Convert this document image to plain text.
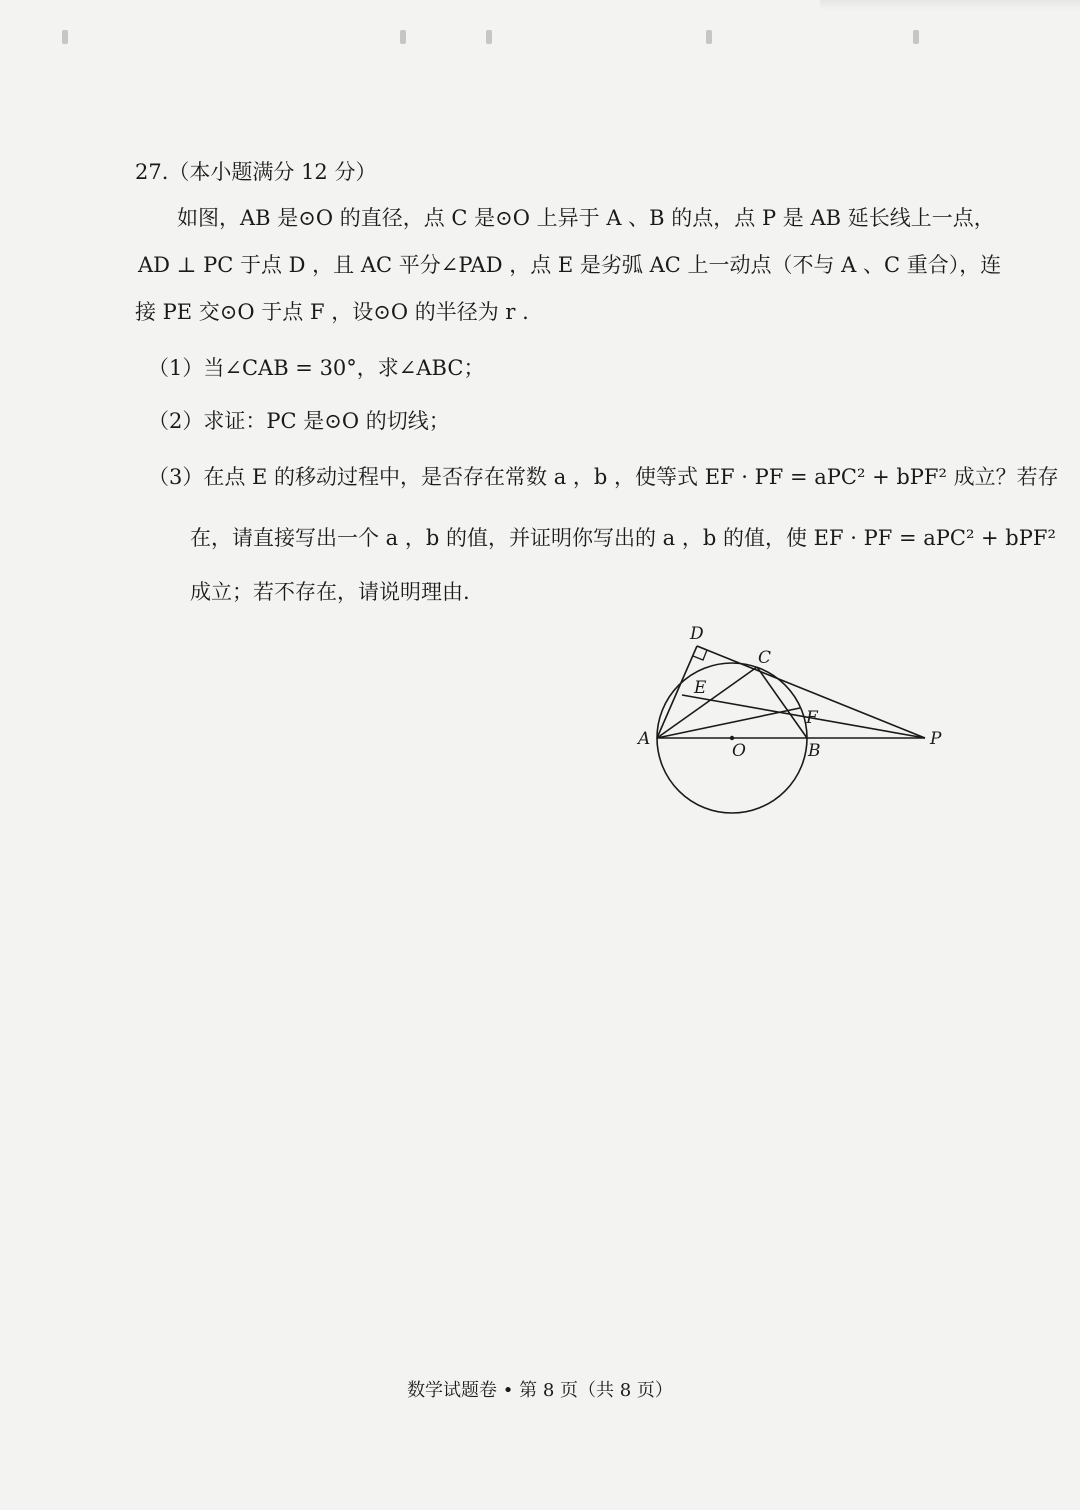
27.（本小题满分 12 分）
如图，AB 是⊙O 的直径，点 C 是⊙O 上异于 A 、B 的点，点 P 是 AB 延长线上一点，
AD ⊥ PC 于点 D ，且 AC 平分∠PAD ，点 E 是劣弧 AC 上一动点（不与 A 、C 重合），连
接 PE 交⊙O 于点 F ，设⊙O 的半径为 r .
（1）当∠CAB = 30°，求∠ABC；
（2）求证：PC 是⊙O 的切线；
（3）在点 E 的移动过程中，是否存在常数 a ，b ，使等式 EF · PF = aPC² + bPF² 成立？若存
在，请直接写出一个 a ，b 的值，并证明你写出的 a ，b 的值，使 EF · PF = aPC² + bPF²
成立；若不存在，请说明理由.
D
C
E
F
A
O	B
P
数学试题卷 • 第 8 页（共 8 页）
